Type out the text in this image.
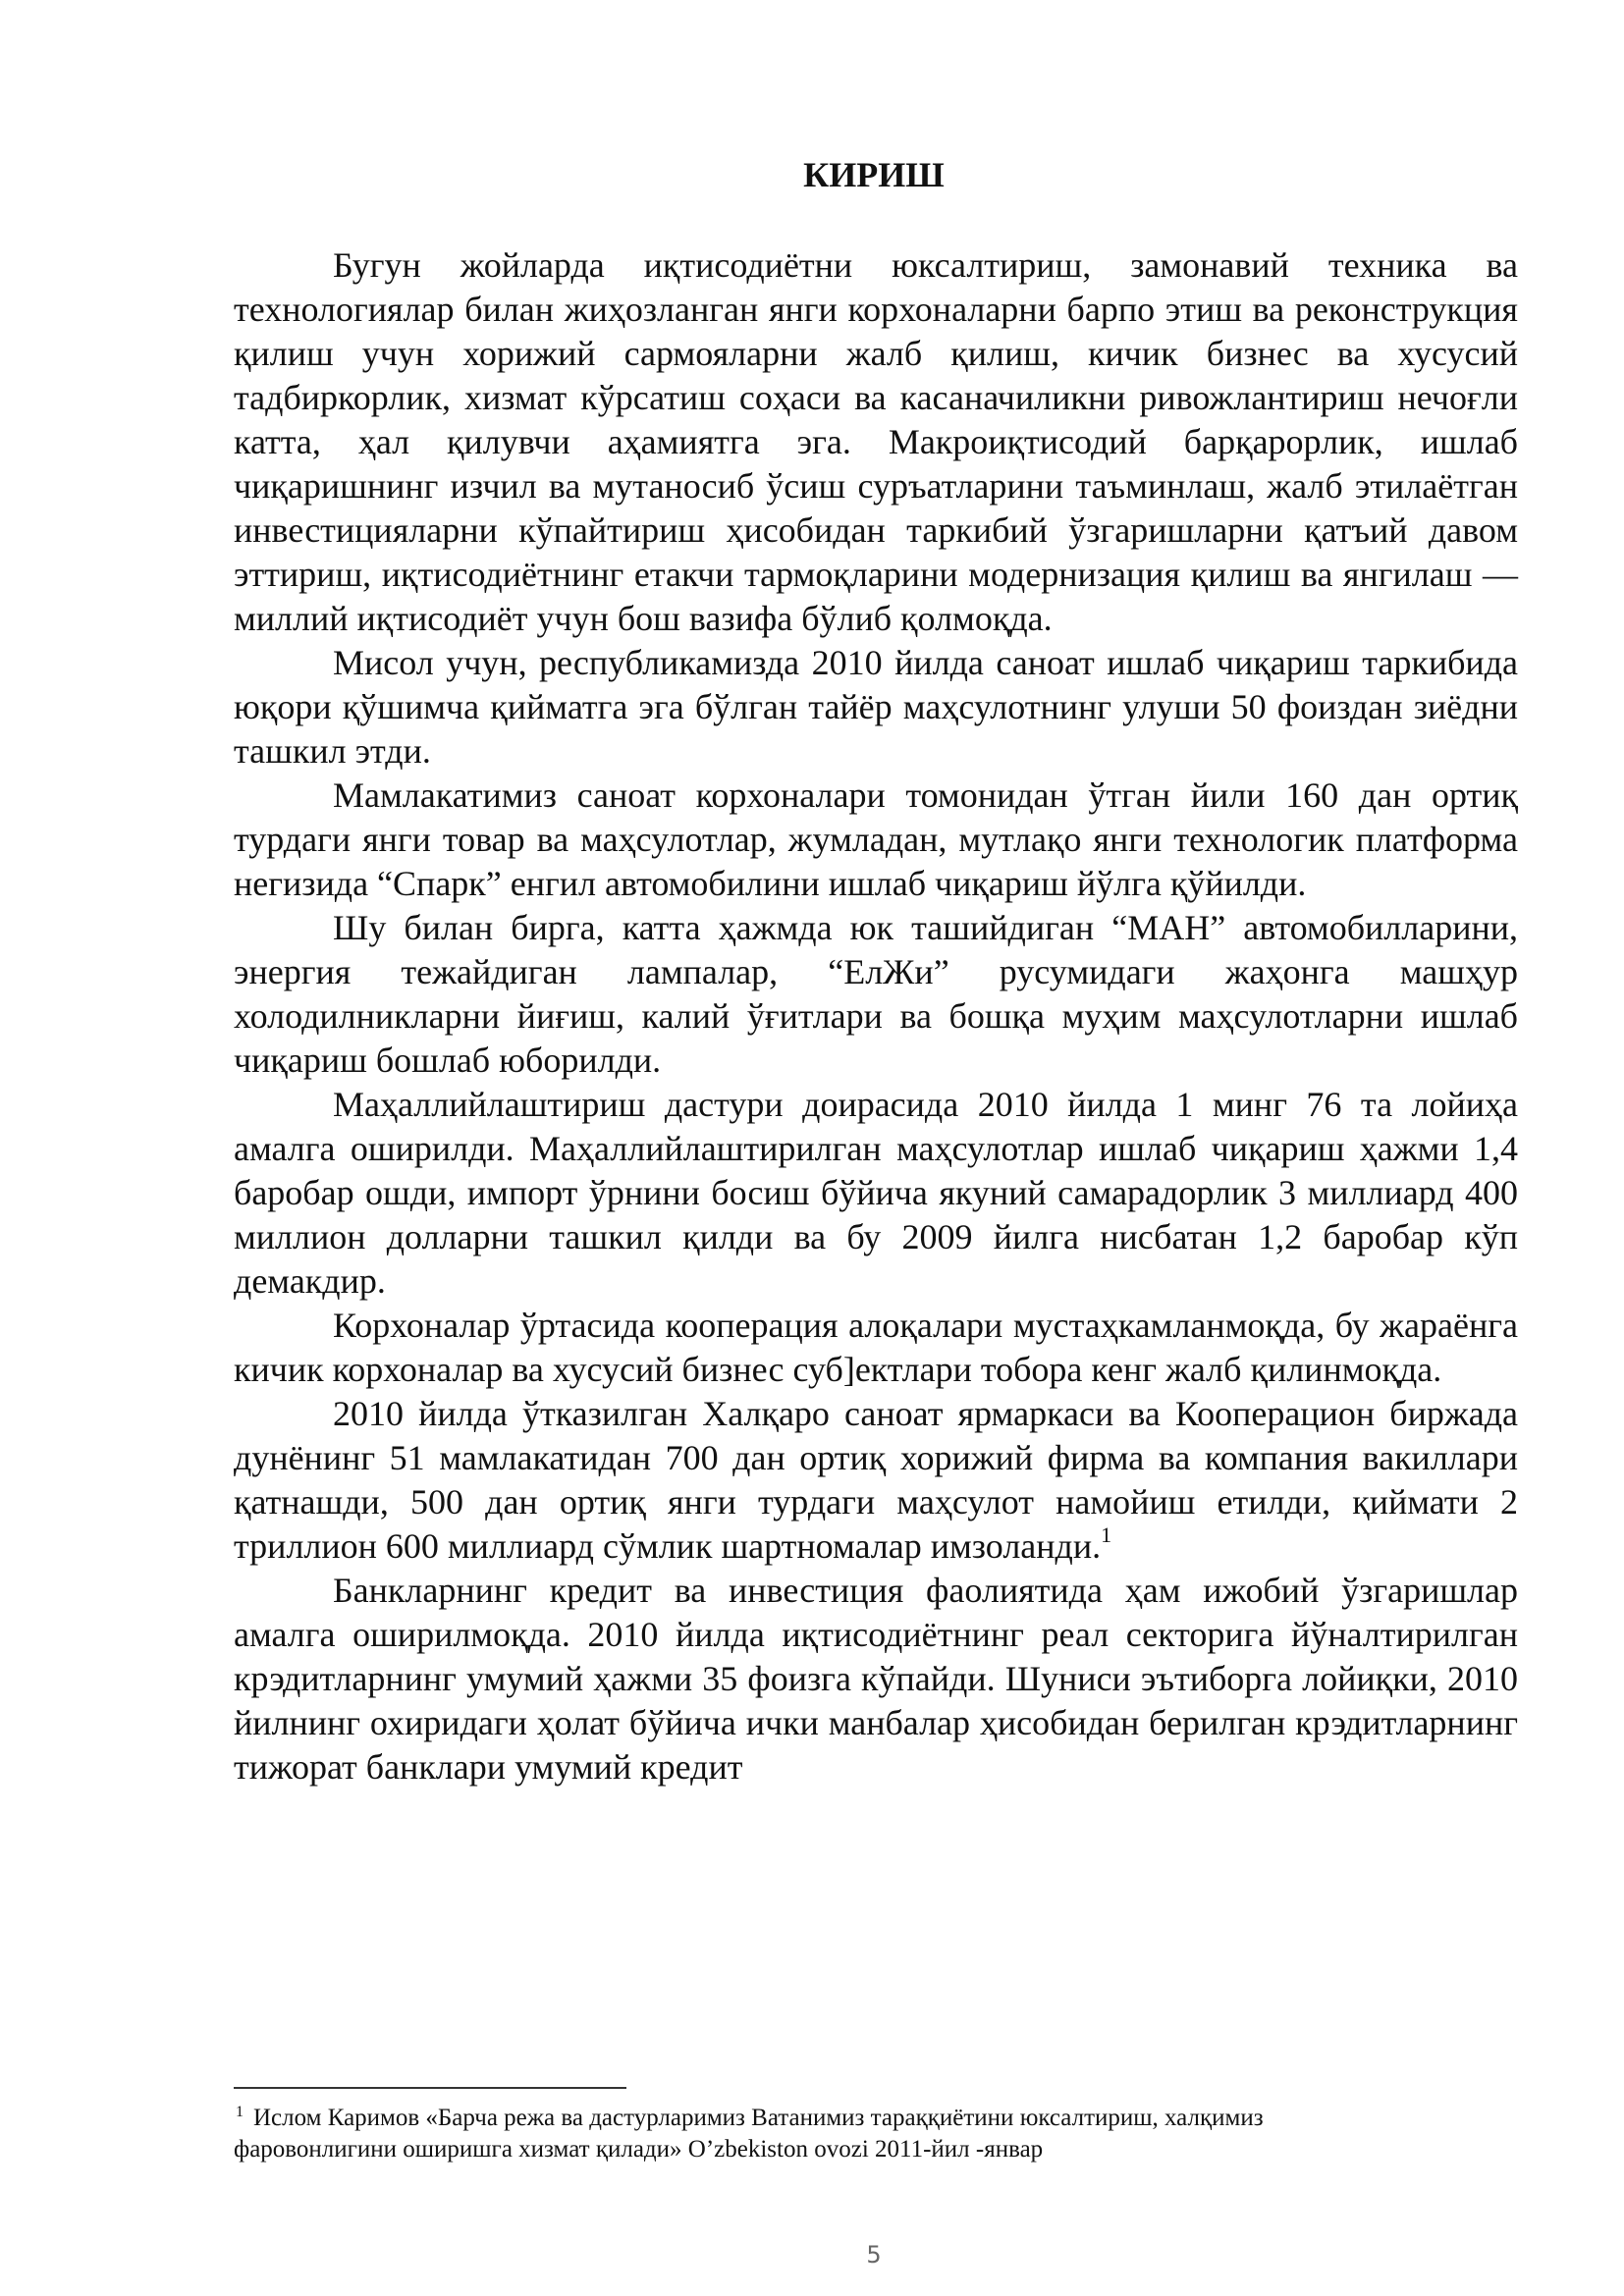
КИРИШ

Бугун жойларда иқтисодиётни юксалтириш, замонавий техника ва технологиялар билан жиҳозланган янги корхоналарни барпо этиш ва реконструкция қилиш учун хорижий сармояларни жалб қилиш, кичик бизнес ва хусусий тадбиркорлик, хизмат кўрсатиш соҳаси ва касаначиликни ривожлантириш нечоғли катта, ҳал қилувчи аҳамиятга эга. Макроиқтисодий барқарорлик, ишлаб чиқаришнинг изчил ва мутаносиб ўсиш суръатларини таъминлаш, жалб этилаётган инвестицияларни кўпайтириш ҳисобидан таркибий ўзгаришларни қатъий давом эттириш, иқтисодиётнинг етакчи тармоқларини модернизация қилиш ва янгилаш — миллий иқтисодиёт учун бош вазифа бўлиб қолмоқда.

Мисол учун, республикамизда 2010 йилда саноат ишлаб чиқариш таркибида юқори қўшимча қийматга эга бўлган тайёр маҳсулотнинг улуши 50 фоиздан зиёдни ташкил этди.

Мамлакатимиз саноат корхоналари томонидан ўтган йили 160 дан ортиқ турдаги янги товар ва маҳсулотлар, жумладан, мутлақо янги технологик платформа негизида “Спарк” енгил автомобилини ишлаб чиқариш йўлга қўйилди.

Шу билан бирга, катта ҳажмда юк ташийдиган “МАН” автомобилларини, энергия тежайдиган лампалар, “ЕлЖи” русумидаги жаҳонга машҳур холодилникларни йиғиш, калий ўғитлари ва бошқа муҳим маҳсулотларни ишлаб чиқариш бошлаб юборилди.

Маҳаллийлаштириш дастури доирасида 2010 йилда 1 минг 76 та лойиҳа амалга оширилди. Маҳаллийлаштирилган маҳсулотлар ишлаб чиқариш ҳажми 1,4 баробар ошди, импорт ўрнини босиш бўйича якуний самарадорлик 3 миллиард 400 миллион долларни ташкил қилди ва бу 2009 йилга нисбатан 1,2 баробар кўп демакдир.

Корхоналар ўртасида кооперация алоқалари мустаҳкамланмоқда, бу жараёнга кичик корхоналар ва хусусий бизнес суб]ектлари тобора кенг жалб қилинмоқда.

2010 йилда ўтказилган Халқаро саноат ярмаркаси ва Кооперацион биржада дунёнинг 51 мамлакатидан 700 дан ортиқ хорижий фирма ва компания вакиллари қатнашди, 500 дан ортиқ янги турдаги маҳсулот намойиш етилди, қиймати 2 триллион 600 миллиард сўмлик шартномалар имзоланди.$^1$

Банкларнинг кредит ва инвестиция фаолиятида ҳам ижобий ўзгаришлар амалга оширилмоқда. 2010 йилда иқтисодиётнинг реал секторига йўналтирилган крэдитларнинг умумий ҳажми 35 фоизга кўпайди. Шуниси эътиборга лойиқки, 2010 йилнинг охиридаги ҳолат бўйича ички манбалар ҳисобидан берилган крэдитларнинг тижорат банклари умумий кредит

$^1$ Ислом Каримов «Барча режа ва дастурларимиз Ватанимиз тараққиётини юксалтириш, халқимиз фаровонлигини оширишга хизмат қилади» O’zbekiston ovozi 2011-йил -январ

5
